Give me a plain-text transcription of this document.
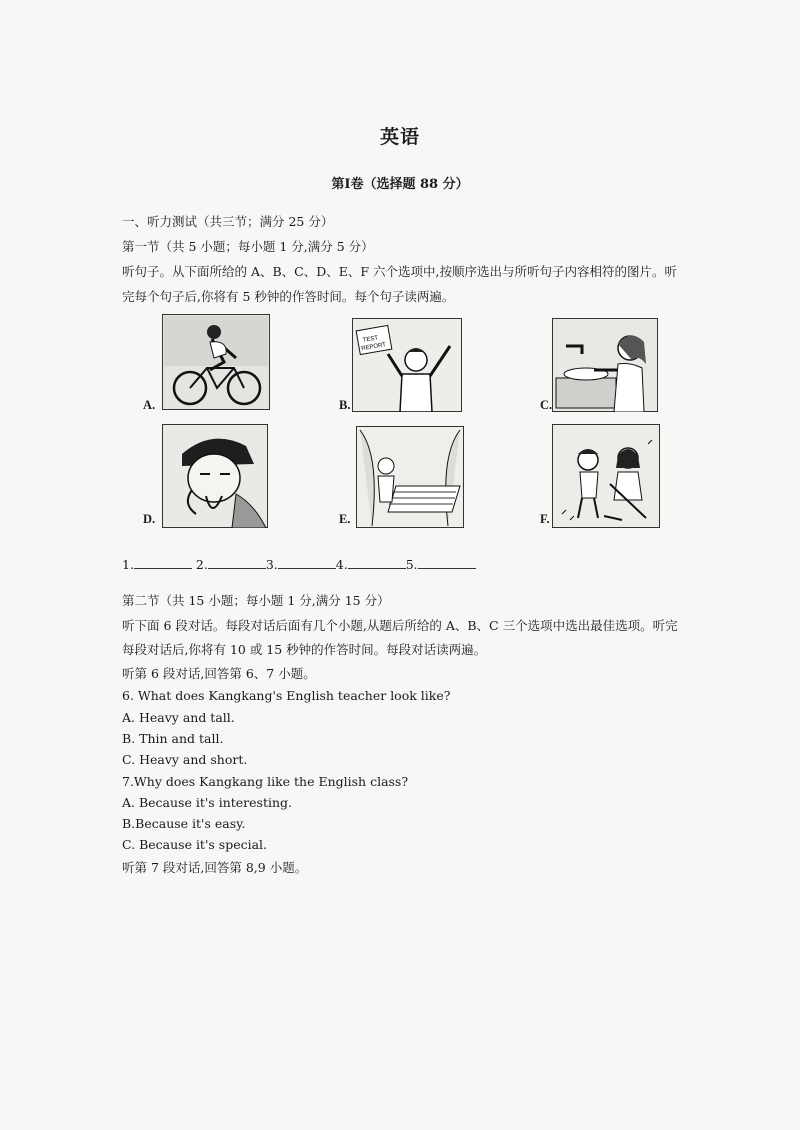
英语
第Ⅰ卷（选择题 88 分）
一、听力测试（共三节；满分 25 分）
第一节（共 5 小题；每小题 1 分,满分 5 分）
听句子。从下面所给的 A、B、C、D、E、F 六个选项中,按顺序选出与所听句子内容相符的图片。听
完每个句子后,你将有 5 秒钟的作答时间。每个句子读两遍。
A.
TEST
REPORT
B.	C.
D.	E.	F.
1.	2.	3.	4.	5.
第二节（共 15 小题；每小题 1 分,满分 15 分）
听下面 6 段对话。每段对话后面有几个小题,从题后所给的 A、B、C 三个选项中选出最佳选项。听完
每段对话后,你将有 10 或 15 秒钟的作答时间。每段对话读两遍。
听第 6 段对话,回答第 6、7 小题。
6. What does Kangkang's English teacher look like?
A. Heavy and tall.
B. Thin and tall.
C. Heavy and short.
7.Why does Kangkang like the English class?
A. Because it's interesting.
B.Because it's easy.
C. Because it's special.
听第 7 段对话,回答第 8,9 小题。
